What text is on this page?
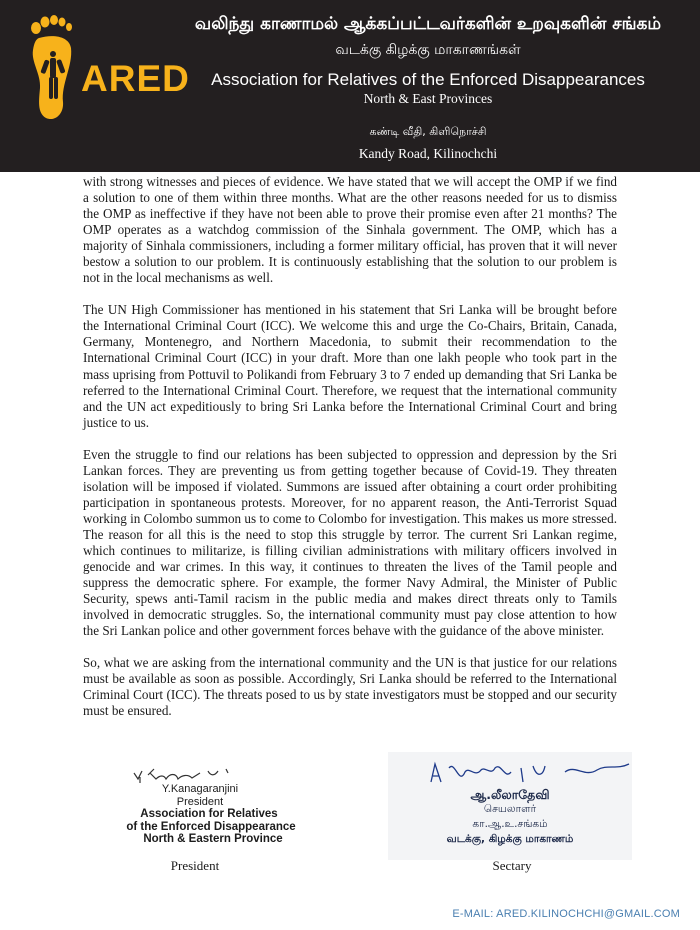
ARED
வலிந்து காணாமல் ஆக்கப்பட்டவர்களின் உறவுகளின் சங்கம்
வடக்கு கிழக்கு மாகாணங்கள்
Association for Relatives of the Enforced Disappearances
North & East Provinces
கண்டி வீதி, கிளிநொச்சி
Kandy Road, Kilinochchi

with strong witnesses and pieces of evidence. We have stated that we will accept the OMP if we find a solution to one of them within three months. What are the other reasons needed for us to dismiss the OMP as ineffective if they have not been able to prove their promise even after 21 months? The OMP operates as a watchdog commission of the Sinhala government. The OMP, which has a majority of Sinhala commissioners, including a former military official, has proven that it will never bestow a solution to our problem. It is continuously establishing that the solution to our problem is not in the local mechanisms as well.

The UN High Commissioner has mentioned in his statement that Sri Lanka will be brought before the International Criminal Court (ICC). We welcome this and urge the Co-Chairs, Britain, Canada, Germany, Montenegro, and Northern Macedonia, to submit their recommendation to the International Criminal Court (ICC) in your draft. More than one lakh people who took part in the mass uprising from Pottuvil to Polikandi from February 3 to 7 ended up demanding that Sri Lanka be referred to the International Criminal Court. Therefore, we request that the international community and the UN act expeditiously to bring Sri Lanka before the International Criminal Court and bring justice to us.

Even the struggle to find our relations has been subjected to oppression and depression by the Sri Lankan forces. They are preventing us from getting together because of Covid-19. They threaten isolation will be imposed if violated. Summons are issued after obtaining a court order prohibiting participation in spontaneous protests. Moreover, for no apparent reason, the Anti-Terrorist Squad working in Colombo summon us to come to Colombo for investigation. This makes us more stressed. The reason for all this is the need to stop this struggle by terror. The current Sri Lankan regime, which continues to militarize, is filling civilian administrations with military officers involved in genocide and war crimes. In this way, it continues to threaten the lives of the Tamil people and suppress the democratic sphere. For example, the former Navy Admiral, the Minister of Public Security, spews anti-Tamil racism in the public media and makes direct threats only to Tamils involved in democratic struggles. So, the international community must pay close attention to how the Sri Lankan police and other government forces behave with the guidance of the above minister.

So, what we are asking from the international community and the UN is that justice for our relations must be available as soon as possible. Accordingly, Sri Lanka should be referred to the International Criminal Court (ICC). The threats posed to us by state investigators must be stopped and our security must be ensured.

Y.Kanagaranjini
President
Association for Relatives
of the Enforced Disappearance
North & Eastern Province
ஆ.லீலாதேவி
செயலாளர்
கா.ஆ.உ.சங்கம்
வடக்கு, கிழக்கு மாகாணம்
President	Sectary
E-MAIL: ARED.KILINOCHCHI@GMAIL.COM
